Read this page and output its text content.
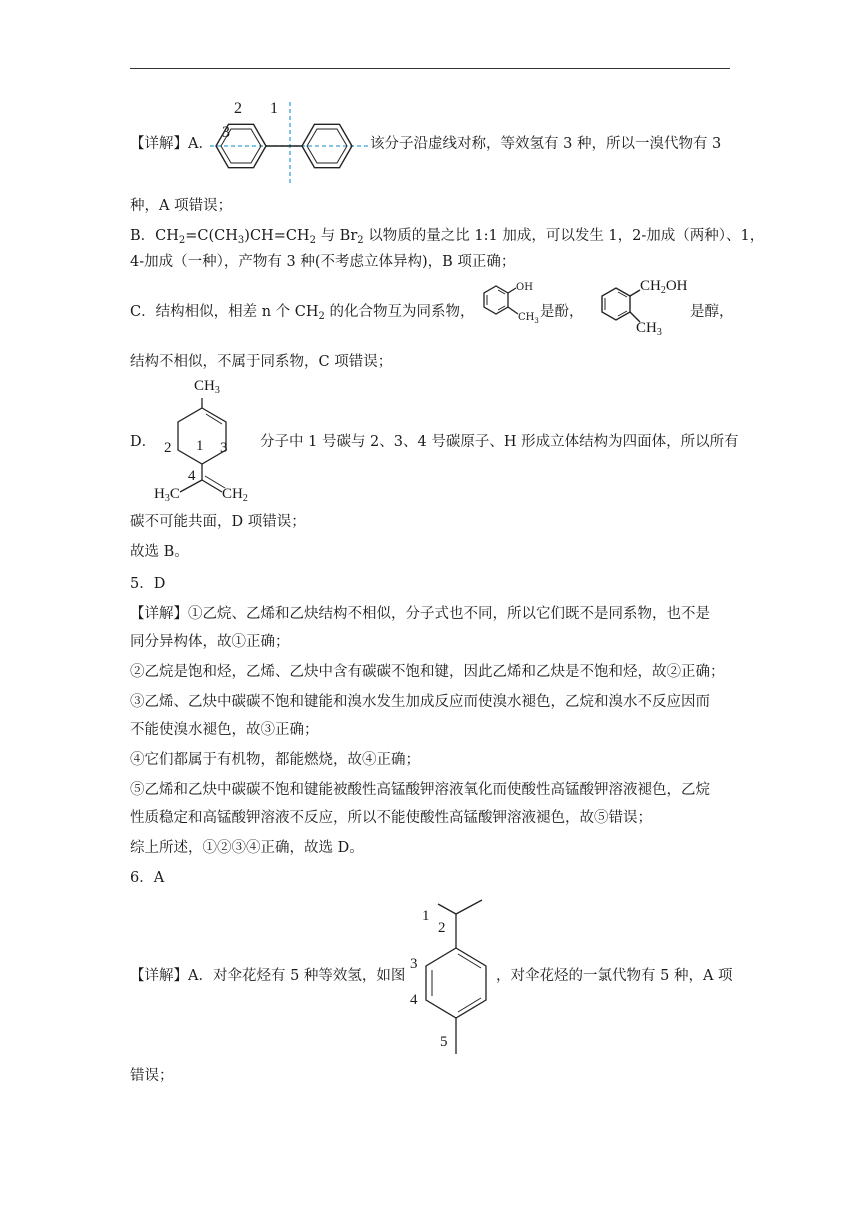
【详解】A．
2 1
3
该分子沿虚线对称，等效氢有 3 种，所以一溴代物有 3
种，A 项错误；
B．$CH_2=C(CH_3)CH=CH_2$ 与 $Br_2$ 以物质的量之比 1:1 加成，可以发生 1，2-加成（两种）、1，
4-加成（一种），产物有 3 种(不考虑立体异构)，B 项正确；
C．结构相似，相差 n 个 $CH_2$ 的化合物互为同系物，
OH
$CH_3$
是酚，
$CH_2OH$
$CH_3$
是醇，
结构不相似，不属于同系物，C 项错误；
D．
$CH_3$
1
2	3
4
$H_3C$	$CH_2$
分子中 1 号碳与 2、3、4 号碳原子、H 形成立体结构为四面体，所以所有
碳不可能共面，D 项错误；
故选 B。
5．D
【详解】①乙烷、乙烯和乙炔结构不相似，分子式也不同，所以它们既不是同系物，也不是
同分异构体，故①正确；
②乙烷是饱和烃，乙烯、乙炔中含有碳碳不饱和键，因此乙烯和乙炔是不饱和烃，故②正确；
③乙烯、乙炔中碳碳不饱和键能和溴水发生加成反应而使溴水褪色，乙烷和溴水不反应因而
不能使溴水褪色，故③正确；
④它们都属于有机物，都能燃烧，故④正确；
⑤乙烯和乙炔中碳碳不饱和键能被酸性高锰酸钾溶液氧化而使酸性高锰酸钾溶液褪色，乙烷
性质稳定和高锰酸钾溶液不反应，所以不能使酸性高锰酸钾溶液褪色，故⑤错误；
综上所述，①②③④正确，故选 D。
6．A
【详解】A．对伞花烃有 5 种等效氢，如图
1
2
3
4
5
，对伞花烃的一氯代物有 5 种，A 项
错误；
